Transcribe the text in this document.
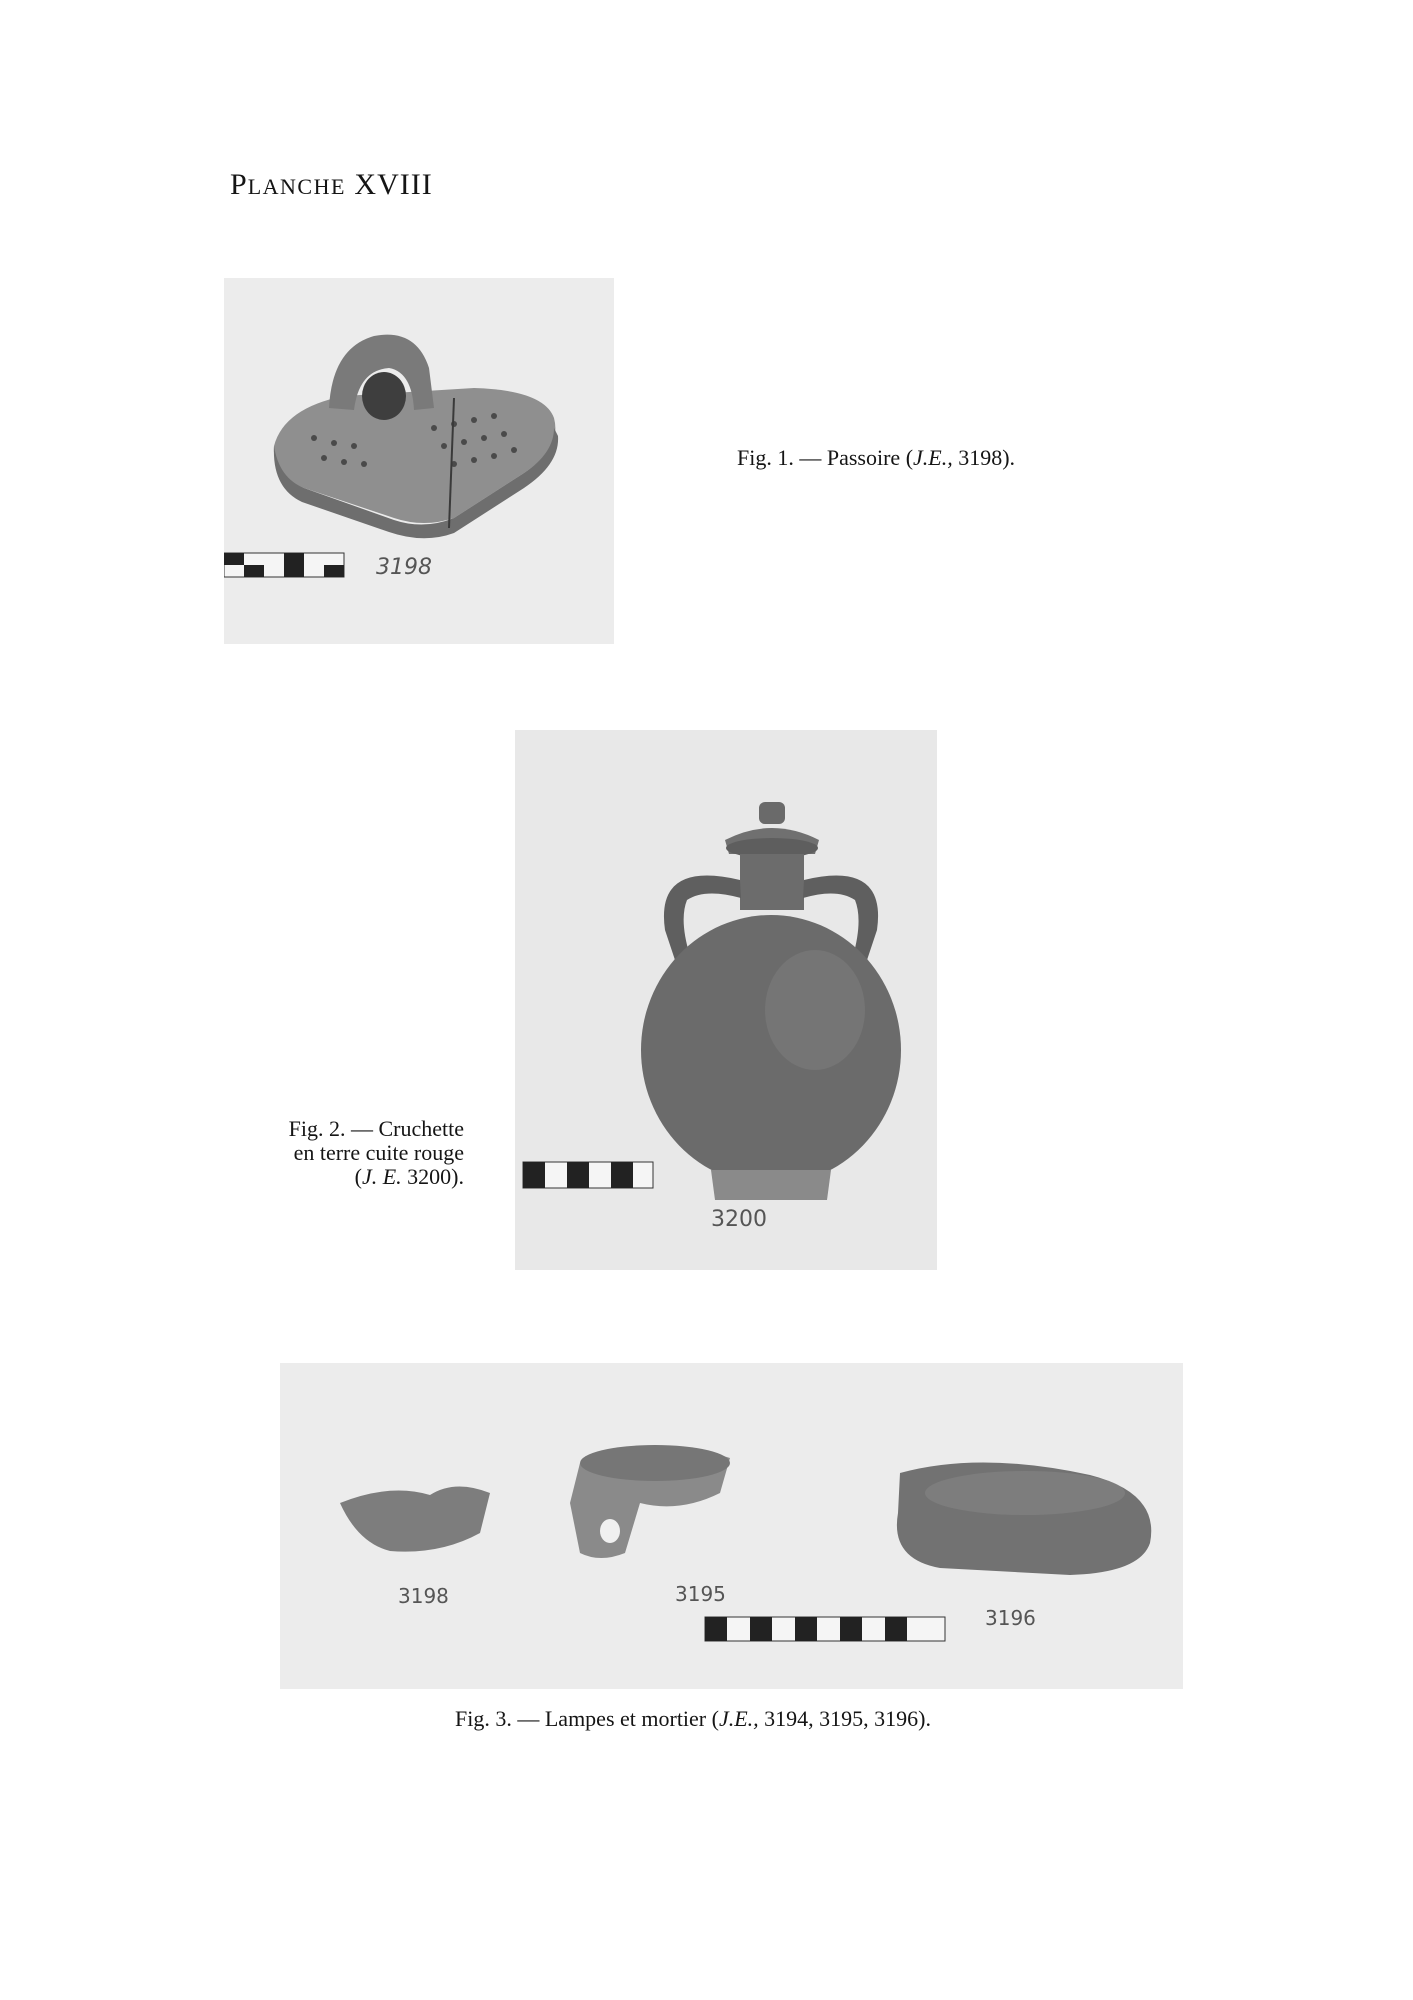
PLANCHE XVIII
3198
Fig. 1. — Passoire (J.E., 3198).
3200
Fig. 2. — Cruchette
en terre cuite rouge
(J. E. 3200).
3198	3195
3196
Fig. 3. — Lampes et mortier (J.E., 3194, 3195, 3196).
